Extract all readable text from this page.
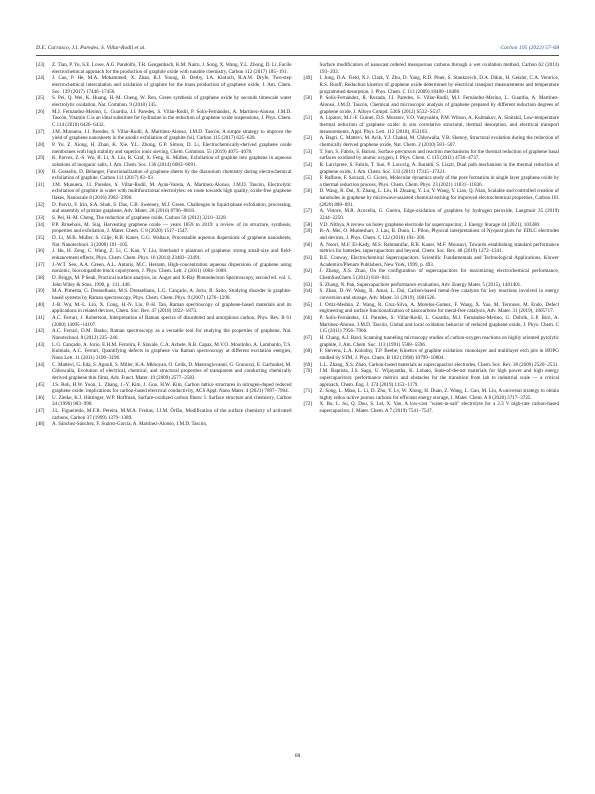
D.E. Carrasco, J.I. Paredes, S. Villar-Rodil et al.	Carbon 195 (2022) 57–68

[23] Z. Tian, P. Yu, S.E. Lowe, A.G. Pandolfo, T.R. Gengenbach, K.M. Nairn, J. Song, X. Wang, Y.L. Zhong, D. Li, Facile electrochemical approach for the production of graphite oxide with tunable chemistry, Carbon 112 (2017) 185−191.

[24] J. Cao, P. He, M.A. Mohammed, X. Zhao, R.J. Young, B. Derby, I.A. Kinloch, R.A.W. Dryfe, Two-step electrochemical intercalation and oxidation of graphite for the mass production of graphene oxide, J. Am. Chem. Soc. 139 (2017) 17446−17456.

[25] S. Pei, Q. Wei, K. Huang, H.-M. Cheng, W. Ren, Green synthesis of graphene oxide by seconds timescale water electrolytic oxidation, Nat. Commun. 9 (2018) 145.

[26] M.J. Fernández-Merino, L. Guardia, J.I. Paredes, S. Villar-Rodil, P. Solís-Fernández, A. Martínez-Alonso, J.M.D. Tascón, Vitamin C is an ideal substitute for hydrazine in the reduction of graphene oxide suspensions, J. Phys. Chem. C 114 (2010) 6426−6432.

[27] J.M. Munuera, J.I. Paredes, S. Villar-Rodil, A. Martínez-Alonso, J.M.D. Tascón, A simple strategy to improve the yield of graphene nanosheets in the anodic exfoliation of graphite foil, Carbon 115 (2017) 625−628.

[28] P. Yu, Z. Xiong, H. Zhan, K. Xie, Y.L. Zhong, G.P. Simon, D. Li, Electrochemically-derived graphene oxide membranes with high stability and superior ionic sieving, Chem. Commun. 55 (2019) 4075−4078.

[29] K. Parvez, Z.-S. Wu, R. Li, X. Liu, R. Graf, X. Feng, K. Müllen, Exfoliation of graphite into graphene in aqueous solutions of inorganic salts, J. Am. Chem. Soc. 136 (2014) 6083−6091.

[30] B. Gosselin, D. Bélanger, Functionalization of graphene sheets by the diazonium chemistry during electrochemical exfoliation of graphite, Carbon 111 (2017) 83−93.

[31] J.M. Munuera, J.I. Paredes, S. Villar-Rodil, M. Ayán-Varela, A. Martínez-Alonso, J.M.D. Tascón, Electrolytic exfoliation of graphite in water with multifunctional electrolytes: en route towards high quality, oxide-free graphene flakes, Nanoscale 8 (2016) 2982−2998.

[32] D. Parviz, F. Irin, S.A. Shah, S. Das, C.B. Sweeney, M.J. Green, Challenges in liquid-phase exfoliation, processing, and assembly of pristine graphene, Adv. Mater. 28 (2016) 8796−8818.

[33] S. Pei, H.-M. Cheng, The reduction of graphene oxide, Carbon 50 (2012) 3210−3228.

[34] P.P. Brisebois, M. Siaj, Harvesting graphene oxide — years 1859 to 2019: a review of its structure, synthesis, properties and exfoliation, J. Mater. Chem. C 8 (2020) 1517−1547.

[35] D. Li, M.B. Müller, S. Gilje, R.B. Kaner, G.G. Wallace, Processable aqueous dispersions of graphene nanosheets, Nat. Nanotechnol. 3 (2008) 101−105.

[36] J. Hu, H. Zeng, C. Wang, Z. Li, C. Kan, Y. Liu, Interband π plasmon of graphene: strong small-size and field-enhancement effects, Phys. Chem. Chem. Phys. 16 (2014) 23483−23491.

[37] J.-W.T. Seo, A.A. Green, A.L. Antaris, M.C. Hersam, High-concentration aqueous dispersions of graphene using nonionic, biocompatible block copolymers, J. Phys. Chem. Lett. 2 (2011) 1004−1008.

[38] D. Briggs, M. P Seah, Practical surface analysis, in: Auger and X-Ray Photoelectron Spectroscopy, second ed. vol. 1, John Wiley & Sons, 1990, p. 131, 448.

[39] M.A. Pimenta, G. Dresselhaus, M.S. Dresselhaus, L.G. Cançado, A. Jorio, R. Saito, Studying disorder in graphite-based systems by Raman spectroscopy, Phys. Chem. Chem. Phys. 9 (2007) 1276−1290.

[40] J.-B. Wu, M.-L. Lin, X. Cong, H.-N. Liu, P.-H. Tan, Raman spectroscopy of graphene-based materials and its applications in related devices, Chem. Soc. Rev. 47 (2018) 1822−1873.

[41] A.C. Ferrari, J. Robertson, Interpretation of Raman spectra of disordered and amorphous carbon, Phys. Rev. B 61 (2000) 14095−14107.

[42] A.C. Ferrari, D.M. Basko, Raman spectroscopy as a versatile tool for studying the properties of graphene, Nat. Nanotechnol. 8 (2013) 235−246.

[43] L.G. Cançado, A. Jorio, E.H.M. Ferreira, F. Stavale, C.A. Achete, R.B. Capaz, M.V.O. Moutinho, A. Lombardo, T.S. Kulmala, A.C. Ferrari, Quantifying defects in graphene via Raman spectroscopy at different excitation energies, Nano Lett. 11 (2011) 3190−3196.

[44] C. Mattevi, G. Eda, S. Agnoli, S. Miller, K.A. Mkhoyan, O. Celik, D. Mastrogiovanni, G. Granozzi, E. Garfunkel, M. Chhowalla, Evolution of electrical, chemical, and structural properties of transparent and conducting chemically derived graphene thin films, Adv. Funct. Mater. 19 (2009) 2577−2583.

[45] J.S. Roh, H.W. Yoon, L. Zhang, J.-Y. Kim, J. Guo, H.W. Kim, Carbon lattice structures in nitrogen-doped reduced graphene oxide: implications for carbon-based electrical conductivity, ACS Appl. Nano Mater. 4 (2021) 7897−7904.

[46] U. Zielke, K.J. Hüttinger, W.P. Hoffman, Surface-oxidized carbon fibers: I. Surface structure and chemistry, Carbon 34 (1996) 983−998.

[47] J.L. Figueiredo, M.F.R. Pereira, M.M.A. Freitas, J.J.M. Órfão, Modification of the surface chemistry of activated carbons, Carbon 37 (1999) 1379−1389.

[48] A. Sánchez-Sánchez, F. Suárez-García, A. Martínez-Alonso, J.M.D. Tascón,

Surface modification of nanocast ordered mesoporous carbons through a wet oxidation method, Carbon 62 (2013) 193−203.

[49] I. Jung, D.A. Field, N.J. Clark, Y. Zhu, D. Yang, R.D. Piner, S. Stankovich, D.A. Dikin, H. Geisler, C.A. Ventrice, R.S. Ruoff, Reduction kinetics of graphene oxide determined by electrical transport measurements and temperature programmed desorption, J. Phys. Chem. C 113 (2009) 18480−18486.

[50] P. Solís-Fernández, R. Rozada, J.I. Paredes, S. Villar-Rodil, M.J. Fernández-Merino, L. Guardia, A. Martínez-Alonso, J.M.D. Tascón, Chemical and microscopic analysis of graphene prepared by different reduction degrees of graphene oxide, J. Alloys Compd. 536S (2012) S532−S537.

[51] A. Lipatov, M.J.-F. Guinel, D.S. Muratov, V.O. Vanyushin, P.M. Wilson, A. Kolmakov, A. Sinitskii, Low-temperature thermal reduction of graphene oxide: in situ correlative structural, thermal desorption, and electrical transport measurements, Appl. Phys. Lett. 112 (2018), 053103.

[52] A. Bagri, C. Mattevi, M. Acik, Y.J. Chabal, M. Chhowalla, V.B. Shenoy, Structural evolution during the reduction of chemically derived graphene oxide, Nat. Chem. 2 (2010) 581−587.

[53] T. Sun, S. Fabris, S. Baroni, Surface precursors and reaction mechanisms for the thermal reduction of graphene basal surfaces oxidized by atomic oxygen, J. Phys. Chem. C 115 (2011) 4730−4737.

[54] R. Larciprete, S. Fabris, T. Sun, P. Lacovig, A. Baraldi, S. Lizzit, Dual path mechanism in the thermal reduction of graphene oxide, J. Am. Chem. Soc. 133 (2011) 17315−17321.

[55] F. Raffone, F. Savazzi, G. Cicero, Molecular dynamics study of the pore formation in single layer graphene oxide by a thermal reduction process, Phys. Chem. Chem. Phys. 23 (2021) 11831−11836.

[56] D. Wang, R. Dai, X. Zhang, L. Liu, H. Zhuang, Y. Lu, Y. Wang, Y. Liao, Q. Nian, Scalable and controlled creation of nanoholes in graphene by microwave-assisted chemical etching for improved electrochemical properties, Carbon 161 (2020) 880−891.

[57] A. Vittore, M.R. Acocella, G. Guerra, Edge-oxidation of graphites by hydrogen peroxide, Langmuir 35 (2019) 2244−2250.

[58] V.D. Nithya, A review on holey graphene electrode for supercapacitor, J. Energy Storage 44 (2021), 103380.

[59] B.-A. Mei, O. Munteshari, J. Lau, B. Dunn, L. Pilon, Physical interpretations of Nyquist plots for EDLC electrodes and devices, J. Phys. Chem. C 122 (2018) 194−206.

[60] A. Noori, M.F. El-Kady, M.S. Rahmanifar, R.B. Kaner, M.F. Mousavi, Towards establishing standard performance metrics for batteries, supercapacitors and beyond, Chem. Soc. Rev. 48 (2019) 1272−1341.

[61] B.E. Conway, Electrochemical Supercapacitors. Scientific Fundamentals and Technological Applications, Kluwer Academics/Plenum Publishers, New York, 1999, p. 493.

[62] J. Zhang, X.S. Zhao, On the configuration of supercapacitors for maximizing electrochemical performance, ChemSusChem 5 (2012) 818−841.

[63] S. Zhang, N. Pan, Supercapacitors performance evaluation, Adv. Energy Mater. 5 (2015), 1401401.

[64] S. Zhao, D.-W. Wang, R. Amal, L. Dai, Carbon-based metal-free catalysts for key reactions involved in energy conversion and storage, Adv. Mater. 31 (2019), 1801526.

[65] J. Ortiz-Medina, Z. Wang, R. Cruz-Silva, A. Morelos-Gomez, F. Wang, X. Yao, M. Terrones, M. Endo, Defect engineering and surface functionalization of nanocarbons for metal-free catalysis, Adv. Mater. 31 (2019), 1805717.

[66] P. Solís-Fernández, J.I. Paredes, S. Villar-Rodil, L. Guardia, M.J. Fernández-Merino, G. Dobrik, L.P. Biró, A. Martínez-Alonso, J.M.D. Tascón, Global and local oxidation behavior of reduced graphene oxide, J. Phys. Chem. C 115 (2011) 7956−7966.

[67] H. Chang, A.J. Bard, Scanning tunneling microscopy studies of carbon-oxygen reactions on highly oriented pyrolytic graphite, J. Am. Chem. Soc. 113 (1991) 5588−5596.

[68] F. Stevens, L.A. Kolodny, T.P. Beebe, Kinetics of graphite oxidation: monolayer and multilayer etch pits in HOPG studied by STM, J. Phys. Chem. B 102 (1998) 10799−10804.

[69] L.L. Zhang, X.S. Zhao, Carbon-based materials as supercapacitor electrodes, Chem. Soc. Rev. 38 (2009) 2520−2531.

[70] J.M. Baptista, J.S. Sagu, U. Wijayantha, K. Lobato, State-of-the-art materials for high power and high energy supercapacitors: performance metrics and obstacles for the transition from lab to industrial scale — a critical approach, Chem. Eng. J. 374 (2019) 1153−1179.

[71] Z. Song, L. Miao, L. Li, D. Zhu, Y. Lv, W. Xiong, H. Duan, Z. Wang, L. Gan, M. Liu, A universal strategy to obtain highly redox-active porous carbons for efficient energy storage, J. Mater. Chem. A 8 (2020) 3717−3725.

[72] X. Bu, L. Su, Q. Dou, S. Lei, X. Yan, A low-cost "water-in-salt" electrolyte for a 2.3 V high-rate carbon-based supercapacitor, J. Mater. Chem. A 7 (2019) 7541−7547.

68
